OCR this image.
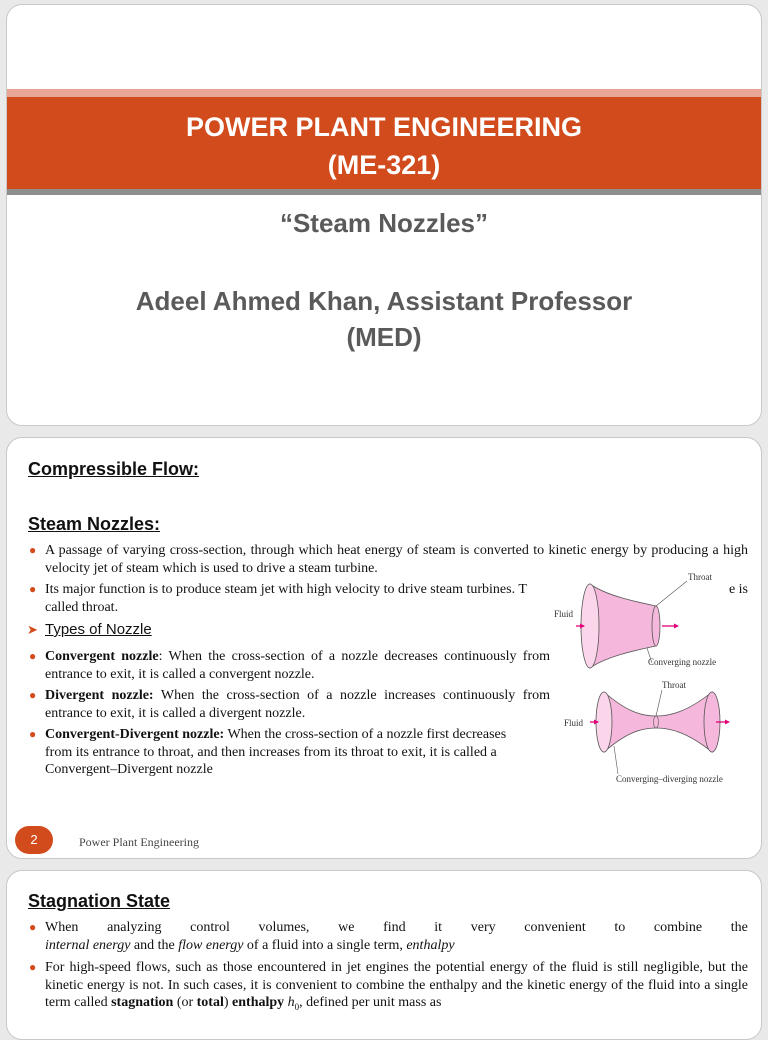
POWER PLANT ENGINEERING
(ME-321)
“Steam Nozzles”
Adeel Ahmed Khan, Assistant Professor
(MED)
Compressible Flow:
Steam Nozzles:
● A passage of varying cross-section, through which heat energy of steam is converted to kinetic energy by producing a high velocity jet of steam which is used to drive a steam turbine.
● Its major function is to produce steam jet with high velocity to drive steam turbines. T	e is

called throat.
➤ Types of Nozzle
● Convergent nozzle: When the cross-section of a nozzle decreases continuously from entrance to exit, it is called a convergent nozzle.
● Divergent nozzle: When the cross-section of a nozzle increases continuously from entrance to exit, it is called a divergent nozzle.
● Convergent-Divergent nozzle: When the cross-section of a nozzle first decreases from its entrance to throat, and then increases from its throat to exit, it is called a Convergent–Divergent nozzle
Throat
Fluid
Converging nozzle
Throat
Fluid
Converging–diverging nozzle
2	Power Plant Engineering
Stagnation State
● When analyzing control volumes, we find it very convenient to combine the
internal energy and the flow energy of a fluid into a single term, enthalpy
● For high-speed flows, such as those encountered in jet engines the potential energy of the fluid is still negligible, but the kinetic energy is not. In such cases, it is convenient to combine the enthalpy and the kinetic energy of the fluid into a single term called stagnation (or total) enthalpy $h_0$, defined per unit mass as
